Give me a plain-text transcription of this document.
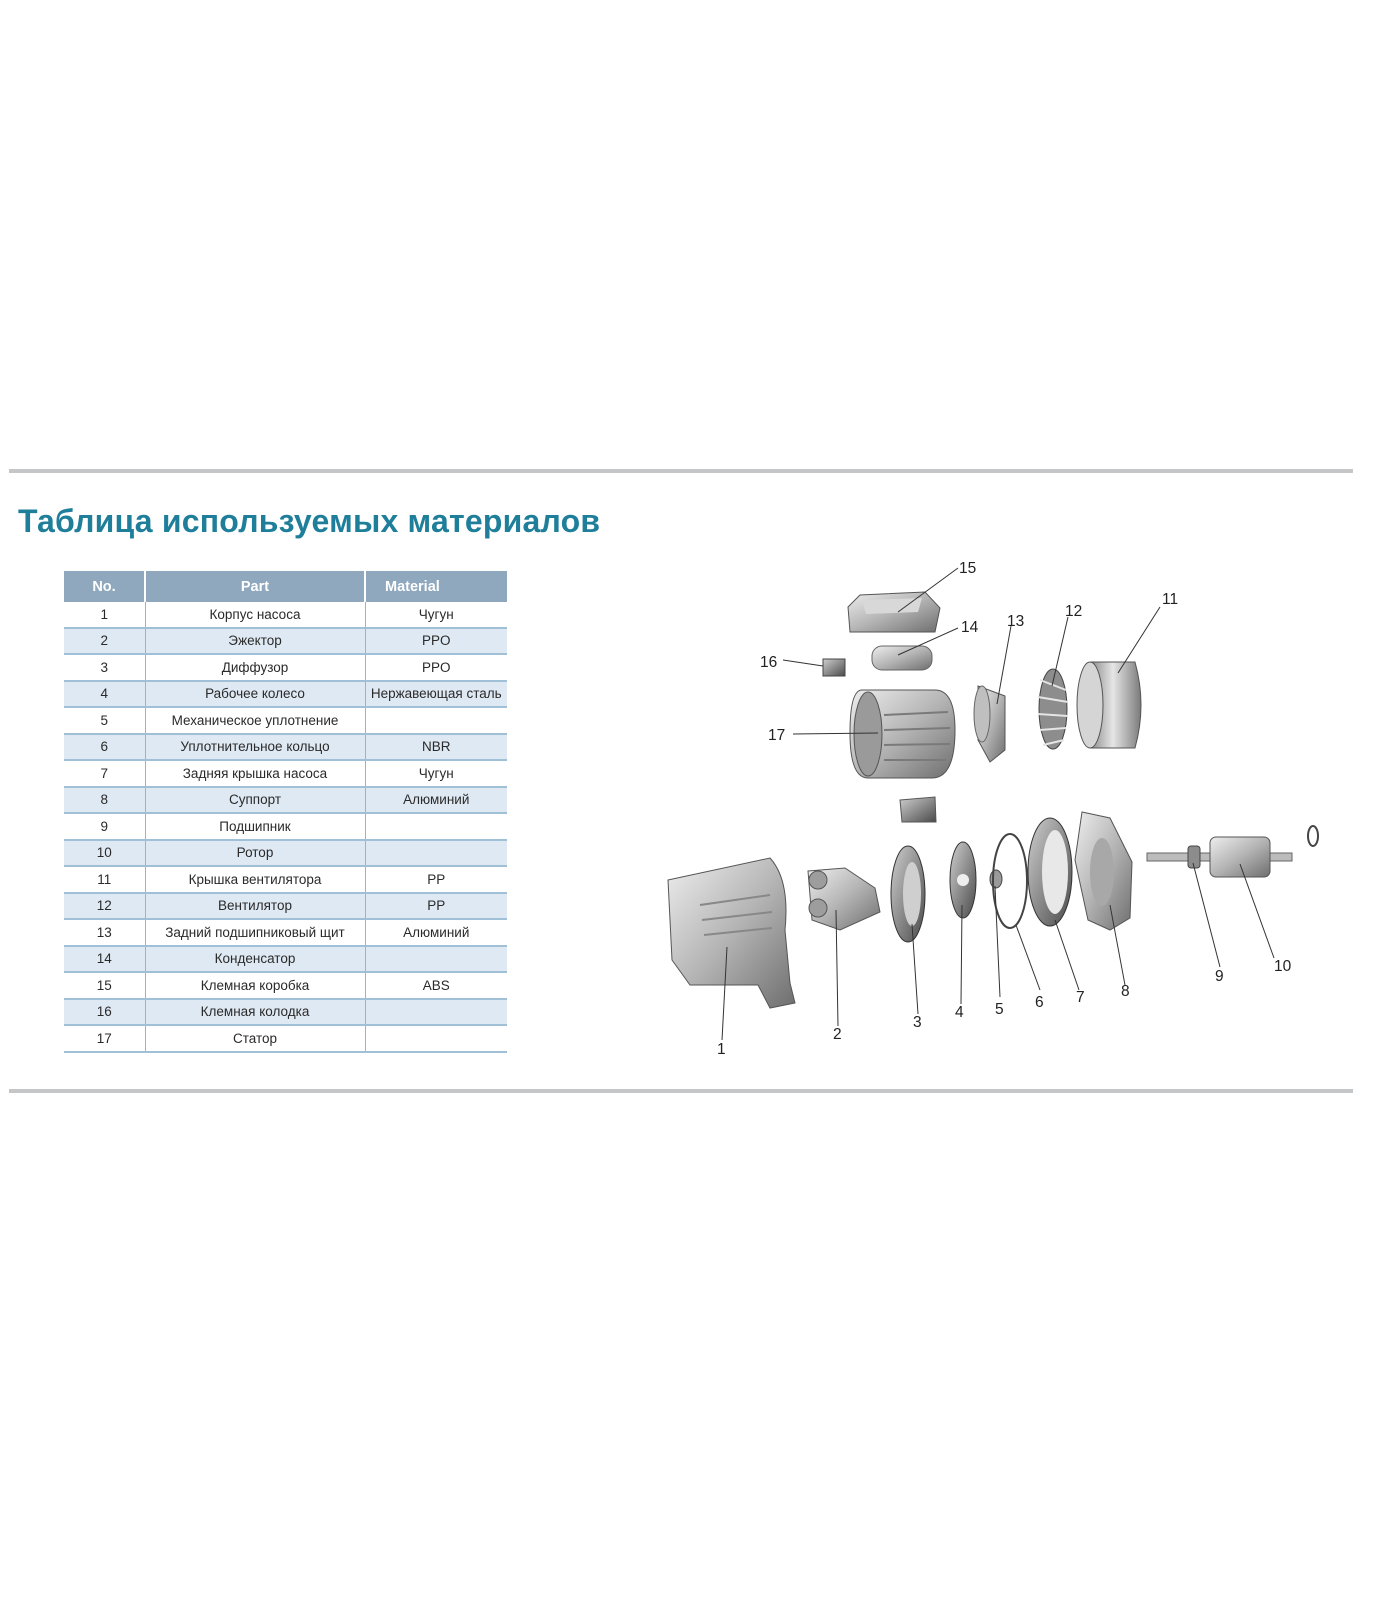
Таблица используемых материалов
No.	Part	Material
1	Корпус насоса	Чугун
2	Эжектор	PPO
3	Диффузор	PPO
4	Рабочее колесо	Нержавеющая сталь
5	Механическое уплотнение	
6	Уплотнительное кольцо	NBR
7	Задняя крышка насоса	Чугун
8	Суппорт	Алюминий
9	Подшипник	
10	Ротор	
11	Крышка вентилятора	PP
12	Вентилятор	PP
13	Задний подшипниковый щит	Алюминий
14	Конденсатор	
15	Клемная коробка	ABS
16	Клемная колодка	
17	Статор	
1
2
3
4 5 6 7 8
9
10
11
12
13
14
15
16
17
